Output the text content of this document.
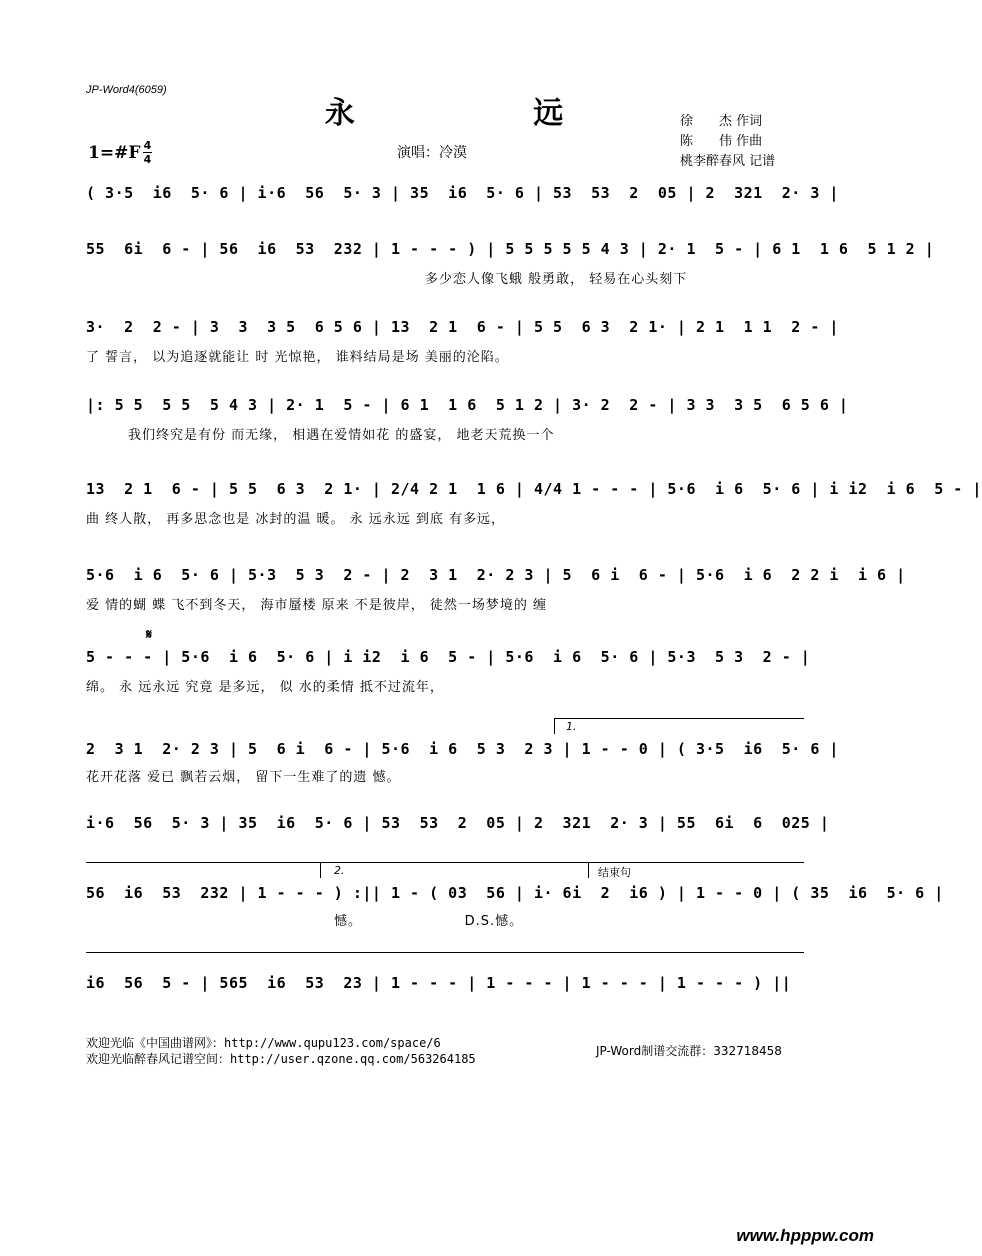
JP-Word4(6059)
永 远	徐　　杰 作词
陈　　伟 作曲
桃李醉春风 记谱
1=#F 4
4	演唱：冷漠
( 3·5  i6  5· 6 | i·6  56  5· 3 | 35  i6  5· 6 | 53  53  2  05 | 2  321  2· 3 |
55  6i  6 - | 56  i6  53  232 | 1 - - - ) | 5 5 5 5 5 4 3 | 2· 1  5 - | 6 1  1 6  5 1 2 |
多少恋人像飞蛾 般勇敢， 轻易在心头刻下
3·  2  2 - | 3  3  3 5  6 5 6 | 13  2 1  6 - | 5 5  6 3  2 1· | 2 1  1 1  2 - |
了 誓言， 以为追逐就能让 时 光惊艳， 谁料结局是场 美丽的沦陷。
|: 5 5  5 5  5 4 3 | 2· 1  5 - | 6 1  1 6  5 1 2 | 3· 2  2 - | 3 3  3 5  6 5 6 |
我们终究是有份 而无缘， 相遇在爱情如花 的盛宴， 地老天荒换一个
13  2 1  6 - | 5 5  6 3  2 1· | 2/4 2 1  1 6 | 4/4 1 - - - | 5·6  i 6  5· 6 | i i2  i 6  5 - |
曲 终人散， 再多思念也是 冰封的温 暖。 永 远永远 到底 有多远，
5·6  i 6  5· 6 | 5·3  5 3  2 - | 2  3 1  2· 2 3 | 5  6 i  6 - | 5·6  i 6  2 2 i  i 6 |
爱 情的蝴 蝶 飞不到冬天， 海市蜃楼 原来 不是彼岸， 徒然一场梦境的 缠
𝄋
5 - - - | 5·6  i 6  5· 6 | i i2  i 6  5 - | 5·6  i 6  5· 6 | 5·3  5 3  2 - |
绵。 永 远永远 究竟 是多远， 似 水的柔情 抵不过流年，
1.
2  3 1  2· 2 3 | 5  6 i  6 - | 5·6  i 6  5 3  2 3 | 1 - - 0 | ( 3·5  i6  5· 6 |
花开花落 爱已 飘若云烟， 留下一生难了的遗 憾。
i·6  56  5· 3 | 35  i6  5· 6 | 53  53  2  05 | 2  321  2· 3 | 55  6i  6  025 |
2.	结束句
56  i6  53  232 | 1 - - - ) :|| 1 - ( 03  56 | i· 6i  2  i6 ) | 1 - - 0 | ( 35  i6  5· 6 |
憾。                    D.S.憾。
i6  56  5 - | 565  i6  53  23 | 1 - - - | 1 - - - | 1 - - - | 1 - - - ) ||
欢迎光临《中国曲谱网》：http://www.qupu123.com/space/6
欢迎光临醉春风记谱空间：http://user.qzone.qq.com/563264185
JP-Word制谱交流群：332718458
www.hpppw.com
